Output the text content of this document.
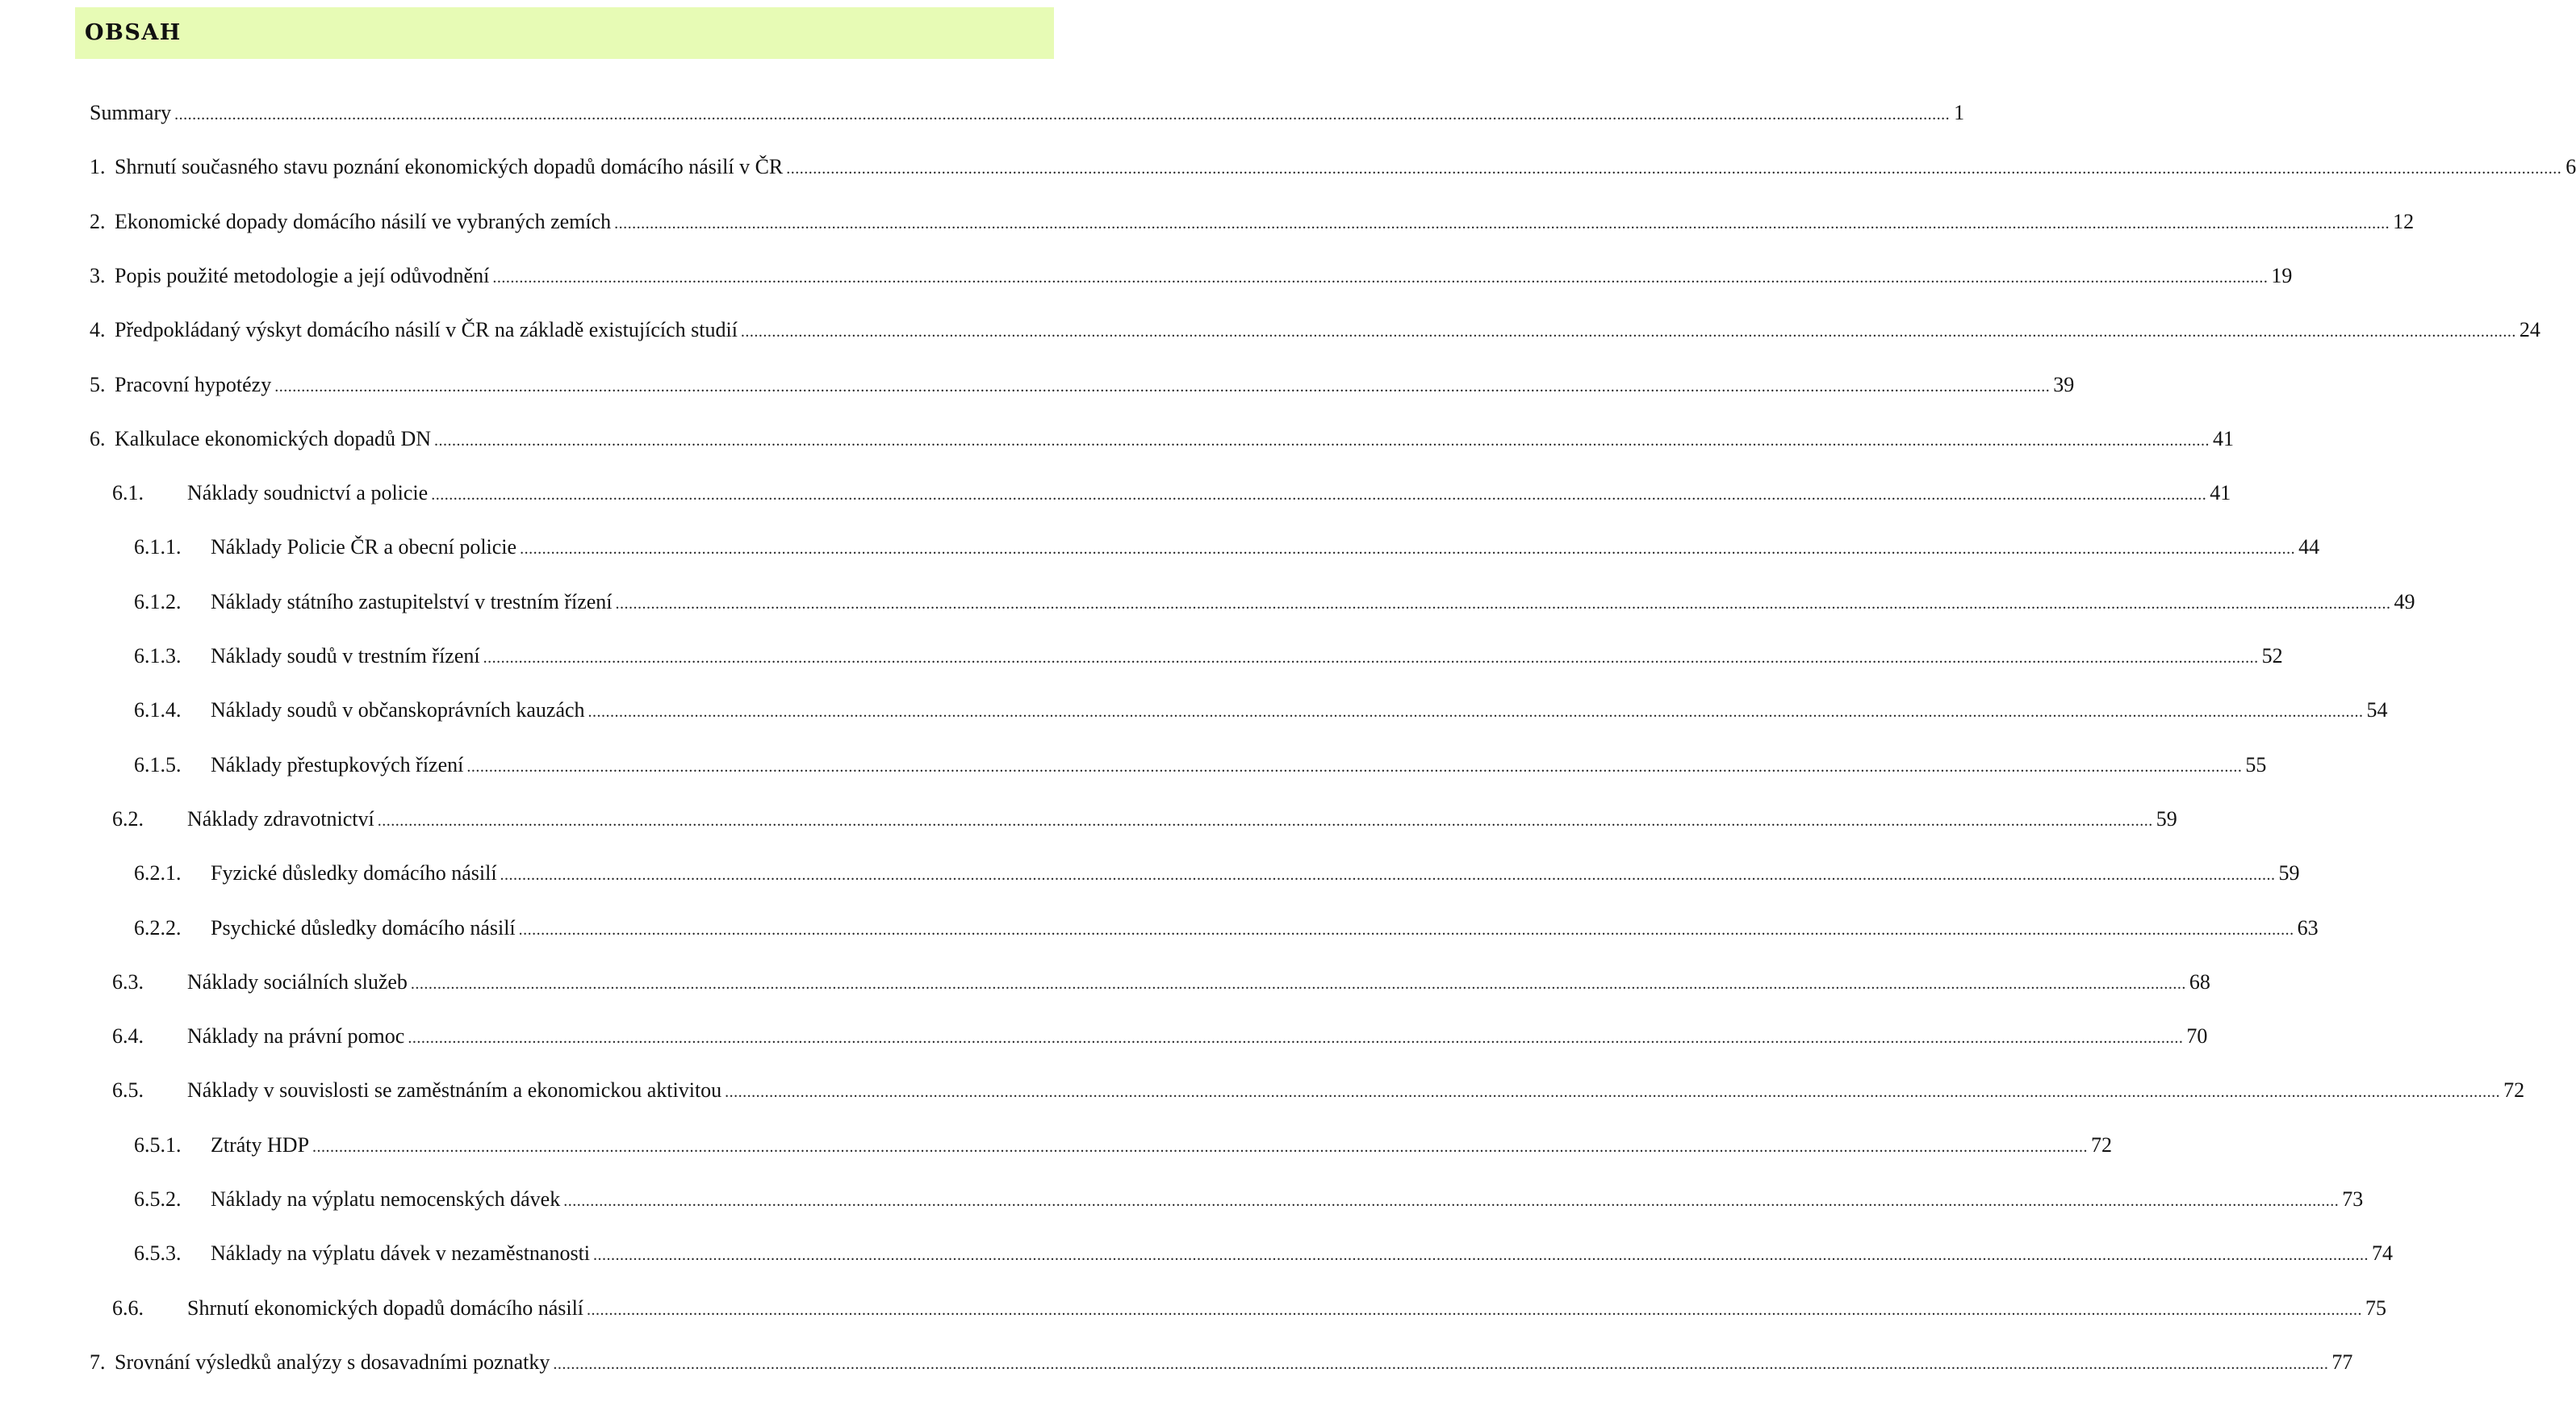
OBSAH
Summary ................................................................................................................................................................................................................................................................................................................................................................................................................ 1
1. Shrnutí současného stavu poznání ekonomických dopadů domácího násilí v ČR ................................................................................................................................................................................................................................................................................................................................................................................................................ 6
2. Ekonomické dopady domácího násilí ve vybraných zemích ................................................................................................................................................................................................................................................................................................................................................................................................................ 12
3. Popis použité metodologie a její odůvodnění ................................................................................................................................................................................................................................................................................................................................................................................................................ 19
4. Předpokládaný výskyt domácího násilí v ČR na základě existujících studií ................................................................................................................................................................................................................................................................................................................................................................................................................ 24
5. Pracovní hypotézy ................................................................................................................................................................................................................................................................................................................................................................................................................ 39
6. Kalkulace ekonomických dopadů DN ................................................................................................................................................................................................................................................................................................................................................................................................................ 41
6.1.	Náklady soudnictví a policie ................................................................................................................................................................................................................................................................................................................................................................................................................ 41
6.1.1.	Náklady Policie ČR a obecní policie ................................................................................................................................................................................................................................................................................................................................................................................................................ 44
6.1.2.	Náklady státního zastupitelství v trestním řízení ................................................................................................................................................................................................................................................................................................................................................................................................................ 49
6.1.3.	Náklady soudů v trestním řízení ................................................................................................................................................................................................................................................................................................................................................................................................................ 52
6.1.4.	Náklady soudů v občanskoprávních kauzách ................................................................................................................................................................................................................................................................................................................................................................................................................ 54
6.1.5.	Náklady přestupkových řízení ................................................................................................................................................................................................................................................................................................................................................................................................................ 55
6.2.	Náklady zdravotnictví ................................................................................................................................................................................................................................................................................................................................................................................................................ 59
6.2.1.	Fyzické důsledky domácího násilí ................................................................................................................................................................................................................................................................................................................................................................................................................ 59
6.2.2.	Psychické důsledky domácího násilí ................................................................................................................................................................................................................................................................................................................................................................................................................ 63
6.3.	Náklady sociálních služeb ................................................................................................................................................................................................................................................................................................................................................................................................................ 68
6.4.	Náklady na právní pomoc ................................................................................................................................................................................................................................................................................................................................................................................................................ 70
6.5.	Náklady v souvislosti se zaměstnáním a ekonomickou aktivitou ................................................................................................................................................................................................................................................................................................................................................................................................................ 72
6.5.1.	Ztráty HDP ................................................................................................................................................................................................................................................................................................................................................................................................................ 72
6.5.2.	Náklady na výplatu nemocenských dávek ................................................................................................................................................................................................................................................................................................................................................................................................................ 73
6.5.3.	Náklady na výplatu dávek v nezaměstnanosti ................................................................................................................................................................................................................................................................................................................................................................................................................ 74
6.6.	Shrnutí ekonomických dopadů domácího násilí ................................................................................................................................................................................................................................................................................................................................................................................................................ 75
7. Srovnání výsledků analýzy s dosavadními poznatky ................................................................................................................................................................................................................................................................................................................................................................................................................ 77
